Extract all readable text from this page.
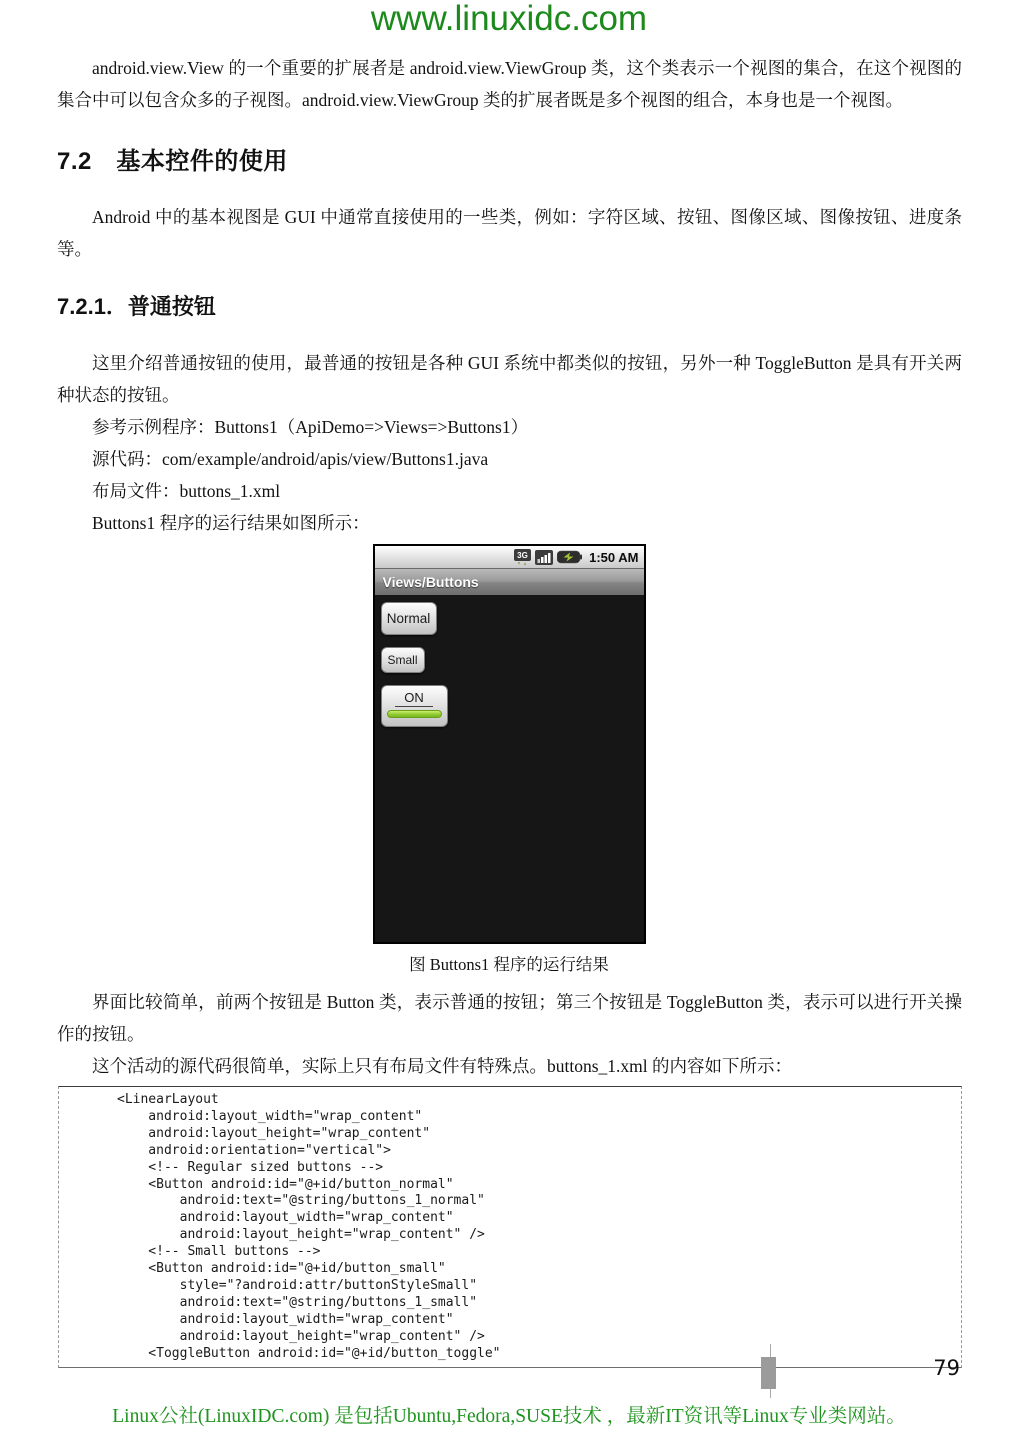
www.linuxidc.com

android.view.View 的一个重要的扩展者是 android.view.ViewGroup 类，这个类表示一个视图的集合，在这个视图的集合中可以包含众多的子视图。android.view.ViewGroup 类的扩展者既是多个视图的组合，本身也是一个视图。

7.2　基本控件的使用

Android 中的基本视图是 GUI 中通常直接使用的一些类，例如：字符区域、按钮、图像区域、图像按钮、进度条等。

7.2.1．普通按钮

这里介绍普通按钮的使用，最普通的按钮是各种 GUI 系统中都类似的按钮，另外一种 ToggleButton 是具有开关两种状态的按钮。

参考示例程序：Buttons1（ApiDemo=>Views=>Buttons1）
源代码：com/example/android/apis/view/Buttons1.java
布局文件：buttons_1.xml
Buttons1 程序的运行结果如图所示：
3G	1:50 AM
Views/Buttons
Normal
Small
ON
图 Buttons1 程序的运行结果

界面比较简单，前两个按钮是 Button 类，表示普通的按钮；第三个按钮是 ToggleButton 类，表示可以进行开关操作的按钮。

这个活动的源代码很简单，实际上只有布局文件有特殊点。buttons_1.xml 的内容如下所示：

<LinearLayout
android:layout_width="wrap_content"
android:layout_height="wrap_content"
android:orientation="vertical">
<!-- Regular sized buttons -->
<Button android:id="@+id/button_normal"
android:text="@string/buttons_1_normal"
android:layout_width="wrap_content"
android:layout_height="wrap_content" />
<!-- Small buttons -->
<Button android:id="@+id/button_small"
style="?android:attr/buttonStyleSmall"
android:text="@string/buttons_1_small"
android:layout_width="wrap_content"
android:layout_height="wrap_content" />
<ToggleButton android:id="@+id/button_toggle"
79
Linux公社(LinuxIDC.com) 是包括Ubuntu,Fedora,SUSE技术 ，最新IT资讯等Linux专业类网站。
